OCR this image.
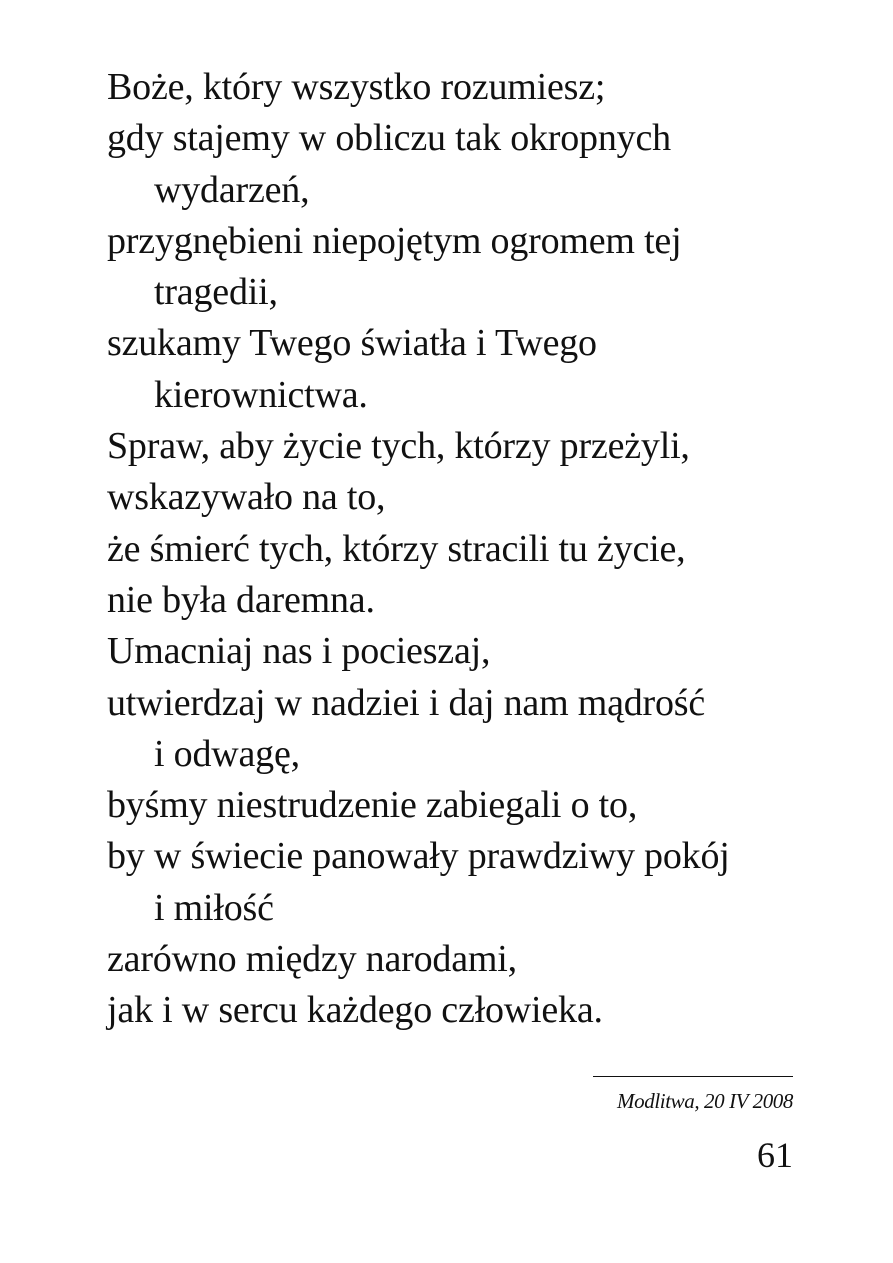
Boże, który wszystko rozumiesz;
gdy stajemy w obliczu tak okropnych
wydarzeń,
przygnębieni niepojętym ogromem tej
tragedii,
szukamy Twego światła i Twego
kierownictwa.
Spraw, aby życie tych, którzy przeżyli,
wskazywało na to,
że śmierć tych, którzy stracili tu życie,
nie była daremna.
Umacniaj nas i pocieszaj,
utwierdzaj w nadziei i daj nam mądrość
i odwagę,
byśmy niestrudzenie zabiegali o to,
by w świecie panowały prawdziwy pokój
i miłość
zarówno między narodami,
jak i w sercu każdego człowieka.
Modlitwa, 20 IV 2008
61
